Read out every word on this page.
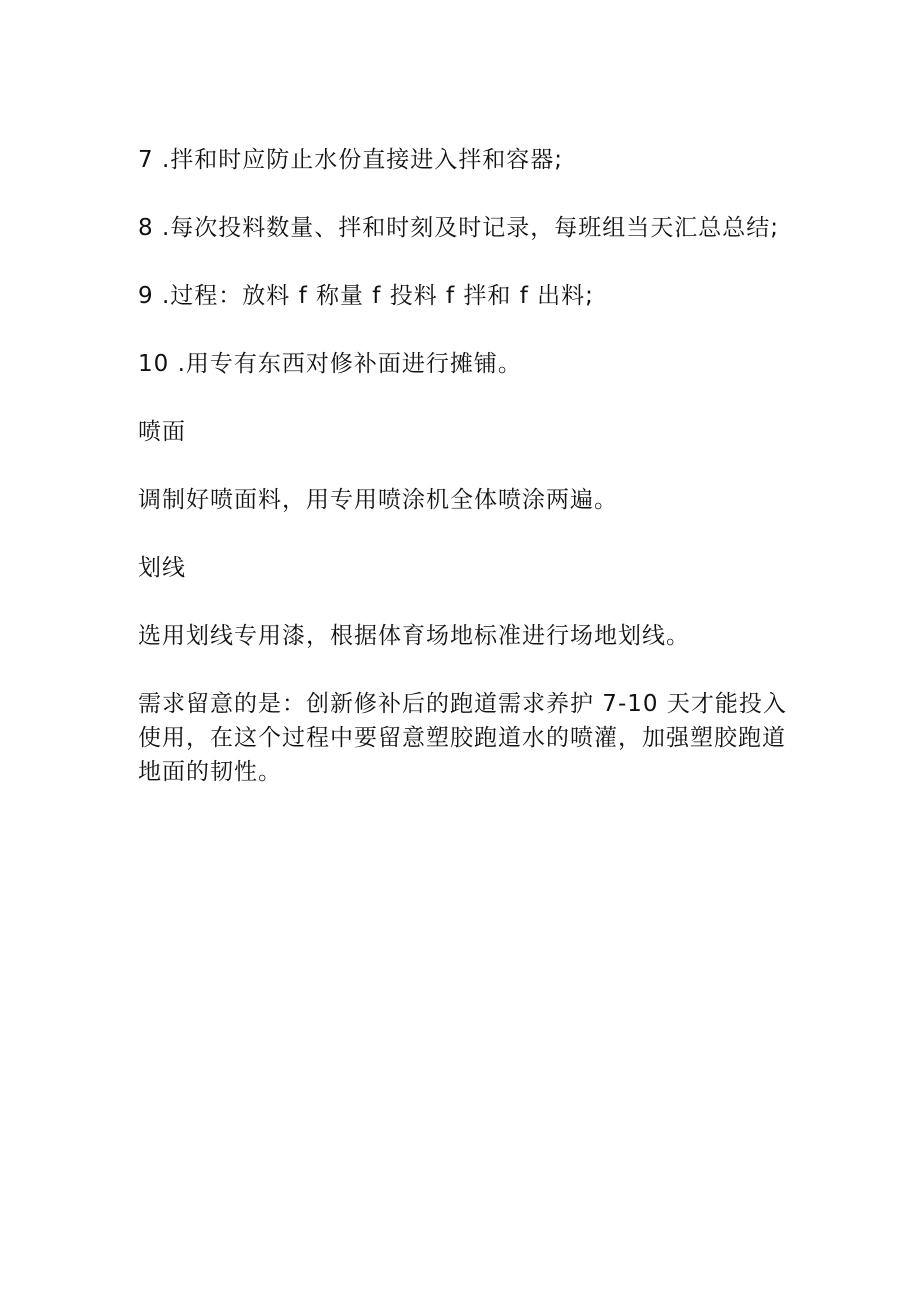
7 .拌和时应防止水份直接进入拌和容器;

8 .每次投料数量、拌和时刻及时记录，每班组当天汇总总结;

9 .过程：放料 f 称量 f 投料 f 拌和 f 出料;

10 .用专有东西对修补面进行摊铺。

喷面

调制好喷面料，用专用喷涂机全体喷涂两遍。

划线

选用划线专用漆，根据体育场地标准进行场地划线。

需求留意的是：创新修补后的跑道需求养护 7-10 天才能投入使用，在这个过程中要留意塑胶跑道水的喷灌，加强塑胶跑道地面的韧性。
